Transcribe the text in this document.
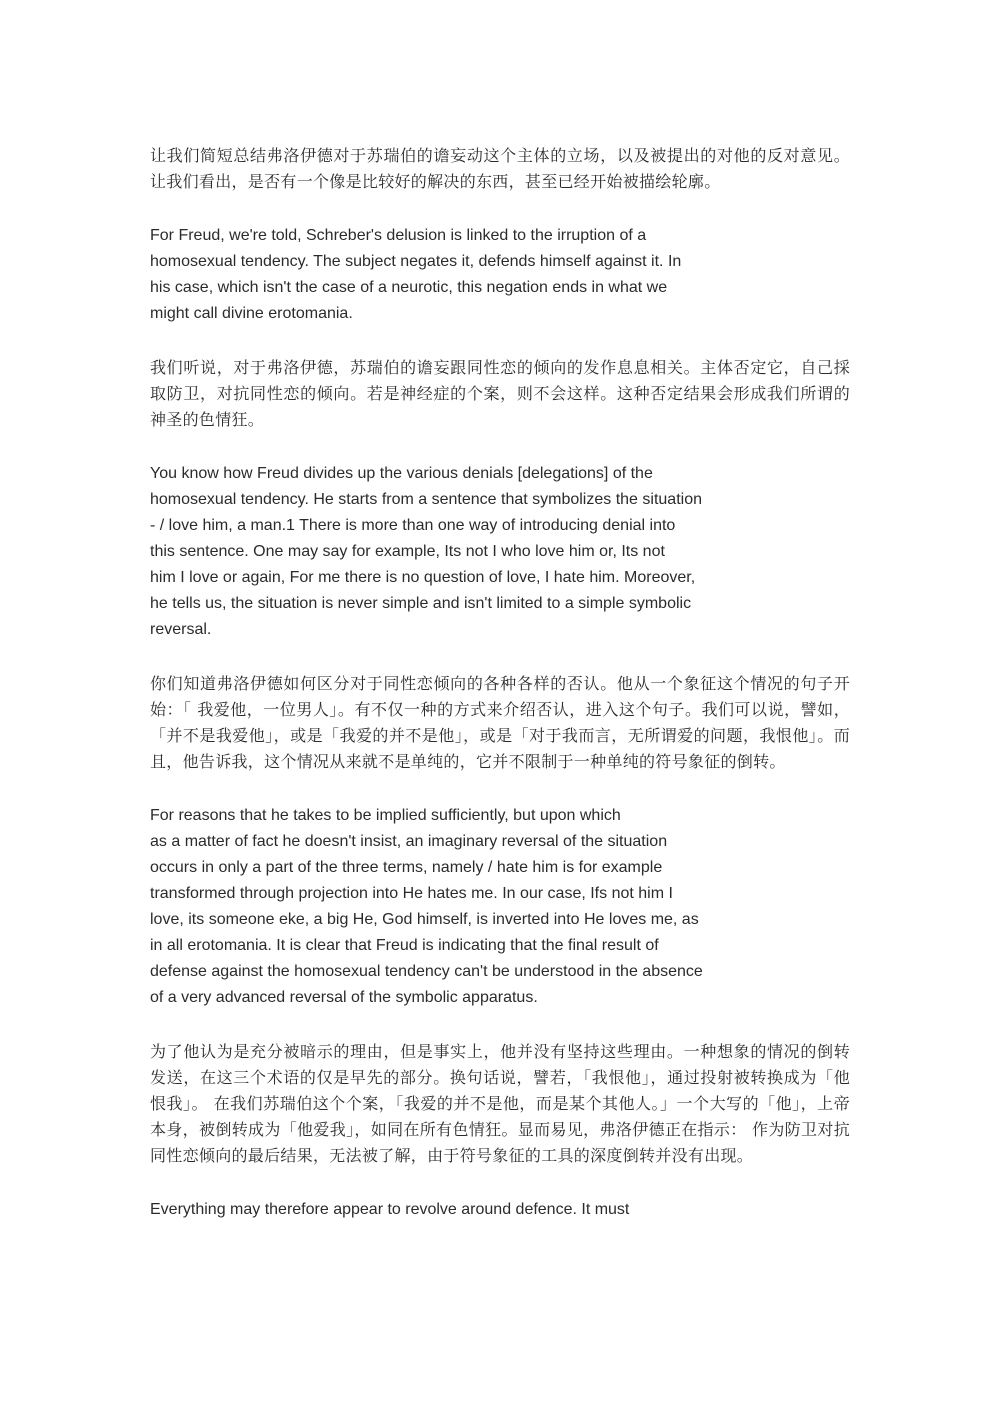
让我们简短总结弗洛伊德对于苏瑞伯的谵妄动这个主体的立场，以及被提出的对他的反对意见。让我们看出，是否有一个像是比较好的解决的东西，甚至已经开始被描绘轮廓。

For Freud, we're told, Schreber's delusion is linked to the irruption of a
homosexual tendency. The subject negates it, defends himself against it. In
his case, which isn't the case of a neurotic, this negation ends in what we
might call divine erotomania.

我们听说，对于弗洛伊德，苏瑞伯的谵妄跟同性恋的倾向的发作息息相关。主体否定它，自己採取防卫，对抗同性恋的倾向。若是神经症的个案，则不会这样。这种否定结果会形成我们所谓的神圣的色情狂。

You know how Freud divides up the various denials [delegations] of the
homosexual tendency. He starts from a sentence that symbolizes the situation
- / love him, a man.1 There is more than one way of introducing denial into
this sentence. One may say for example, Its not I who love him or, Its not
him I love or again, For me there is no question of love, I hate him. Moreover,
he tells us, the situation is never simple and isn't limited to a simple symbolic
reversal.

你们知道弗洛伊德如何区分对于同性恋倾向的各种各样的否认。他从一个象征这个情况的句子开始：「 我爱他，一位男人」。有不仅一种的方式来介绍否认，进入这个句子。我们可以说，譬如，「并不是我爱他」，或是「我爱的并不是他」，或是「对于我而言，无所谓爱的问题，我恨他」。而且，他告诉我，这个情况从来就不是单纯的，它并不限制于一种单纯的符号象征的倒转。

For reasons that he takes to be implied sufficiently, but upon which
as a matter of fact he doesn't insist, an imaginary reversal of the situation
occurs in only a part of the three terms, namely / hate him is for example
transformed through projection into He hates me. In our case, Ifs not him I
love, its someone eke, a big He, God himself, is inverted into He loves me, as
in all erotomania. It is clear that Freud is indicating that the final result of
defense against the homosexual tendency can't be understood in the absence
of a very advanced reversal of the symbolic apparatus.

为了他认为是充分被暗示的理由，但是事实上，他并没有坚持这些理由。一种想象的情况的倒转发送，在这三个术语的仅是早先的部分。换句话说，譬若，「我恨他」，通过投射被转换成为「他恨我」。 在我们苏瑞伯这个个案，「我爱的并不是他，而是某个其他人。」一个大写的「他」，上帝本身，被倒转成为「他爱我」，如同在所有色情狂。显而易见，弗洛伊德正在指示： 作为防卫对抗同性恋倾向的最后结果，无法被了解，由于符号象征的工具的深度倒转并没有出现。

Everything may therefore appear to revolve around defence. It must
